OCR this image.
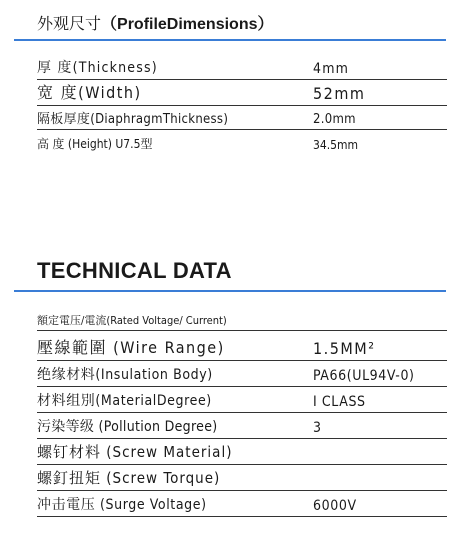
外观尺寸（ProfileDimensions）
厚 度(Thickness)	4mm
宽 度(Width)	52mm
隔板厚度(DiaphragmThickness)	2.0mm
高 度 (Height) U7.5型	34.5mm
TECHNICAL DATA
額定電压/電流(Rated Voltage/ Current)
壓線範圍 (Wire Range)	1.5MM²
绝缘材料(Insulation Body)	PA66(UL94V-0)
材料组別(MaterialDegree)	I CLASS
污染等级 (Pollution Degree)	3
螺钉材料 (Screw Material)
螺釘扭矩 (Screw Torque)
冲击電压 (Surge Voltage)	6000V
